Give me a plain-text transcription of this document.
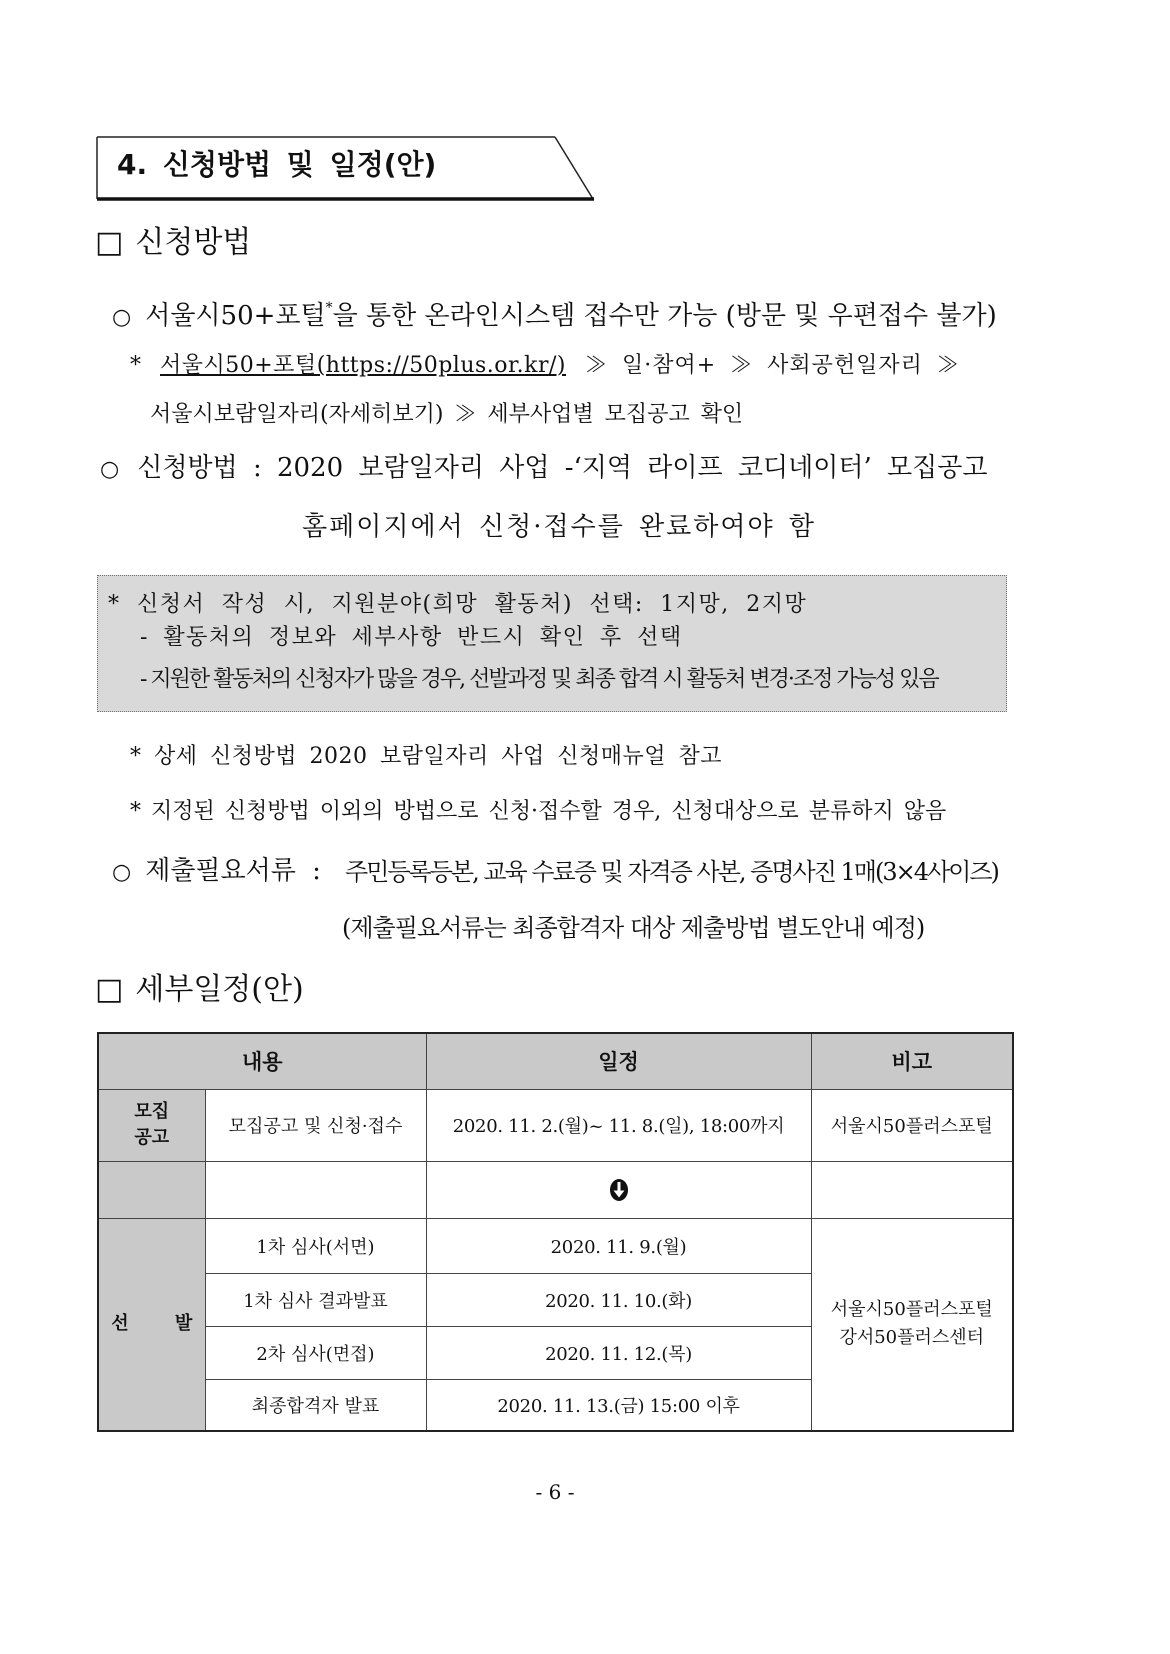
4. 신청방법 및 일정(안)
□ 신청방법
○ 서울시50+포털*을 통한 온라인시스템 접수만 가능 (방문 및 우편접수 불가)
* 서울시50+포털(https://50plus.or.kr/) ≫ 일·참여+ ≫ 사회공헌일자리 ≫
서울시보람일자리(자세히보기) ≫ 세부사업별 모집공고 확인
○ 신청방법 : 2020 보람일자리 사업 -‘지역 라이프 코디네이터’ 모집공고
홈페이지에서 신청·접수를 완료하여야 함
* 신청서 작성 시, 지원분야(희망 활동처) 선택: 1지망, 2지망
- 활동처의 정보와 세부사항 반드시 확인 후 선택
- 지원한 활동처의 신청자가 많을 경우, 선발과정 및 최종 합격 시 활동처 변경·조정 가능성 있음
* 상세 신청방법 2020 보람일자리 사업 신청매뉴얼 참고
* 지정된 신청방법 이외의 방법으로 신청·접수할 경우, 신청대상으로 분류하지 않음
○ 제출필요서류 : 주민등록등본, 교육 수료증 및 자격증 사본, 증명사진 1매(3×4사이즈)
(제출필요서류는 최종합격자 대상 제출방법 별도안내 예정)
□ 세부일정(안)
내용		일정	비고

모집
공고	모집공고 및 신청·접수	2020. 11. 2.(월)~ 11. 8.(일), 18:00까지	서울시50플러스포털

선 발	1차 심사(서면)	2020. 11. 9.(월)	서울시50플러스포털
강서50플러스센터

	1차 심사 결과발표	2020. 11. 10.(화)	
	2차 심사(면접)	2020. 11. 12.(목)	
	최종합격자 발표	2020. 11. 13.(금) 15:00 이후	
- 6 -
